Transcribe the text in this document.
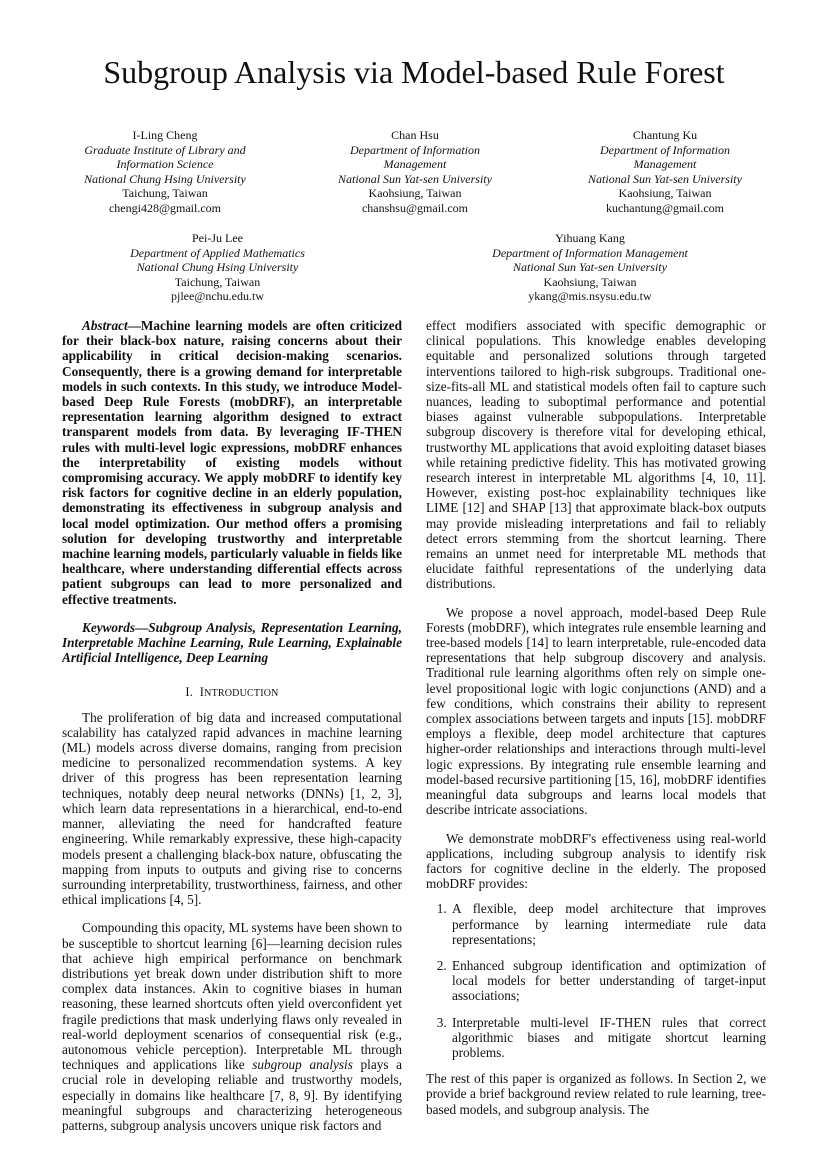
Subgroup Analysis via Model-based Rule Forest
I-Ling Cheng
Graduate Institute of Library and
Information Science
National Chung Hsing University
Taichung, Taiwan
chengi428@gmail.com
Chan Hsu
Department of Information
Management
National Sun Yat-sen University
Kaohsiung, Taiwan
chanshsu@gmail.com
Chantung Ku
Department of Information
Management
National Sun Yat-sen University
Kaohsiung, Taiwan
kuchantung@gmail.com
Pei-Ju Lee
Department of Applied Mathematics
National Chung Hsing University
Taichung, Taiwan
pjlee@nchu.edu.tw
Yihuang Kang
Department of Information Management
National Sun Yat-sen University
Kaohsiung, Taiwan
ykang@mis.nsysu.edu.tw

Abstract—Machine learning models are often criticized for their black-box nature, raising concerns about their applicability in critical decision-making scenarios. Consequently, there is a growing demand for interpretable models in such contexts. In this study, we introduce Model-based Deep Rule Forests (mobDRF), an interpretable representation learning algorithm designed to extract transparent models from data. By leveraging IF-THEN rules with multi-level logic expressions, mobDRF enhances the interpretability of existing models without compromising accuracy. We apply mobDRF to identify key risk factors for cognitive decline in an elderly population, demonstrating its effectiveness in subgroup analysis and local model optimization. Our method offers a promising solution for developing trustworthy and interpretable machine learning models, particularly valuable in fields like healthcare, where understanding differential effects across patient subgroups can lead to more personalized and effective treatments.

Keywords—Subgroup Analysis, Representation Learning, Interpretable Machine Learning, Rule Learning, Explainable Artificial Intelligence, Deep Learning

I. INTRODUCTION

The proliferation of big data and increased computational scalability has catalyzed rapid advances in machine learning (ML) models across diverse domains, ranging from precision medicine to personalized recommendation systems. A key driver of this progress has been representation learning techniques, notably deep neural networks (DNNs) [1, 2, 3], which learn data representations in a hierarchical, end-to-end manner, alleviating the need for handcrafted feature engineering. While remarkably expressive, these high-capacity models present a challenging black-box nature, obfuscating the mapping from inputs to outputs and giving rise to concerns surrounding interpretability, trustworthiness, fairness, and other ethical implications [4, 5].

Compounding this opacity, ML systems have been shown to be susceptible to shortcut learning [6]—learning decision rules that achieve high empirical performance on benchmark distributions yet break down under distribution shift to more complex data instances. Akin to cognitive biases in human reasoning, these learned shortcuts often yield overconfident yet fragile predictions that mask underlying flaws only revealed in real-world deployment scenarios of consequential risk (e.g., autonomous vehicle perception). Interpretable ML through techniques and applications like subgroup analysis plays a crucial role in developing reliable and trustworthy models, especially in domains like healthcare [7, 8, 9]. By identifying meaningful subgroups and characterizing heterogeneous patterns, subgroup analysis uncovers unique risk factors and

effect modifiers associated with specific demographic or clinical populations. This knowledge enables developing equitable and personalized solutions through targeted interventions tailored to high-risk subgroups. Traditional one-size-fits-all ML and statistical models often fail to capture such nuances, leading to suboptimal performance and potential biases against vulnerable subpopulations. Interpretable subgroup discovery is therefore vital for developing ethical, trustworthy ML applications that avoid exploiting dataset biases while retaining predictive fidelity. This has motivated growing research interest in interpretable ML algorithms [4, 10, 11]. However, existing post-hoc explainability techniques like LIME [12] and SHAP [13] that approximate black-box outputs may provide misleading interpretations and fail to reliably detect errors stemming from the shortcut learning. There remains an unmet need for interpretable ML methods that elucidate faithful representations of the underlying data distributions.

We propose a novel approach, model-based Deep Rule Forests (mobDRF), which integrates rule ensemble learning and tree-based models [14] to learn interpretable, rule-encoded data representations that help subgroup discovery and analysis. Traditional rule learning algorithms often rely on simple one-level propositional logic with logic conjunctions (AND) and a few conditions, which constrains their ability to represent complex associations between targets and inputs [15]. mobDRF employs a flexible, deep model architecture that captures higher-order relationships and interactions through multi-level logic expressions. By integrating rule ensemble learning and model-based recursive partitioning [15, 16], mobDRF identifies meaningful data subgroups and learns local models that describe intricate associations.

We demonstrate mobDRF's effectiveness using real-world applications, including subgroup analysis to identify risk factors for cognitive decline in the elderly. The proposed mobDRF provides:

1. A flexible, deep model architecture that improves performance by learning intermediate rule data representations;
2. Enhanced subgroup identification and optimization of local models for better understanding of target-input associations;
3. Interpretable multi-level IF-THEN rules that correct algorithmic biases and mitigate shortcut learning problems.

The rest of this paper is organized as follows. In Section 2, we provide a brief background review related to rule learning, tree-based models, and subgroup analysis. The
